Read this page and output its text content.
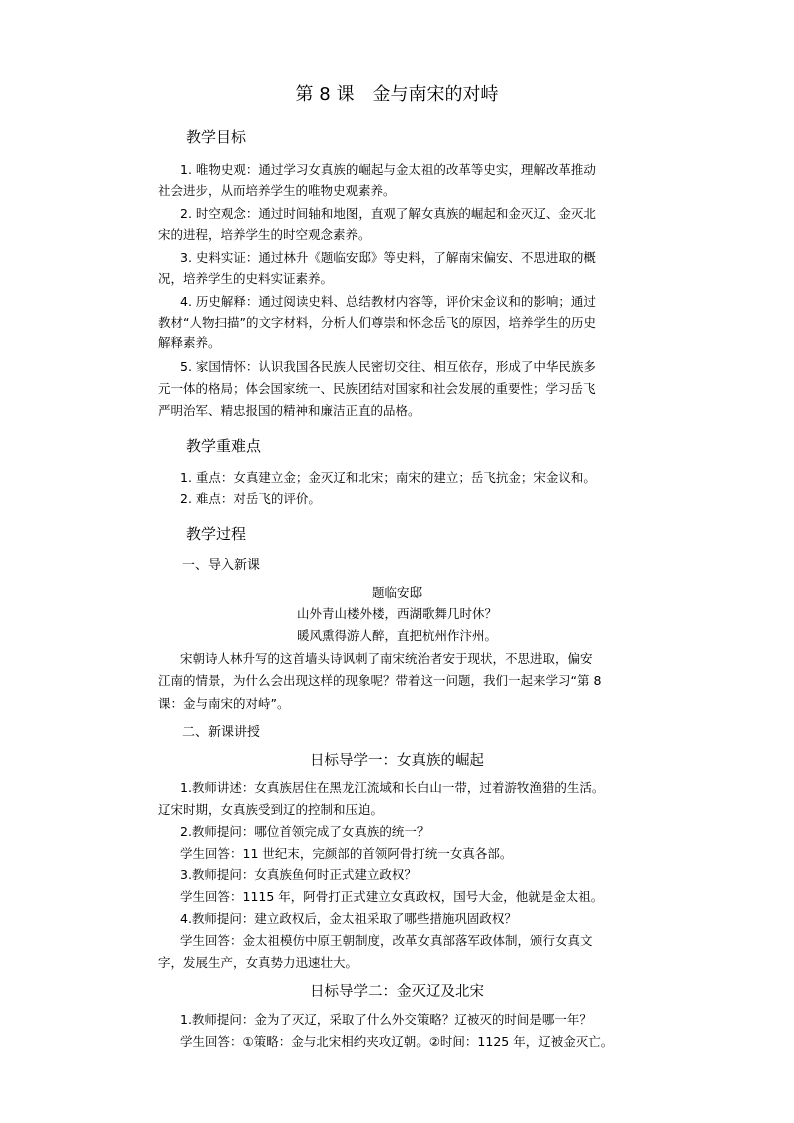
第 8 课　金与南宋的对峙
教学目标
1. 唯物史观：通过学习女真族的崛起与金太祖的改革等史实，理解改革推动
社会进步，从而培养学生的唯物史观素养。
2. 时空观念：通过时间轴和地图，直观了解女真族的崛起和金灭辽、金灭北
宋的进程，培养学生的时空观念素养。
3. 史料实证：通过林升《题临安邸》等史料，了解南宋偏安、不思进取的概
况，培养学生的史料实证素养。
4. 历史解释：通过阅读史料、总结教材内容等，评价宋金议和的影响；通过
教材“人物扫描”的文字材料，分析人们尊崇和怀念岳飞的原因，培养学生的历史
解释素养。
5. 家国情怀：认识我国各民族人民密切交往、相互依存，形成了中华民族多
元一体的格局；体会国家统一、民族团结对国家和社会发展的重要性；学习岳飞
严明治军、精忠报国的精神和廉洁正直的品格。
教学重难点
1. 重点：女真建立金；金灭辽和北宋；南宋的建立；岳飞抗金；宋金议和。
2. 难点：对岳飞的评价。
教学过程
一、导入新课
题临安邸
山外青山楼外楼，西湖歌舞几时休？
暖风熏得游人醉，直把杭州作汴州。
宋朝诗人林升写的这首墙头诗讽刺了南宋统治者安于现状，不思进取，偏安
江南的情景，为什么会出现这样的现象呢？带着这一问题，我们一起来学习“第 8
课：金与南宋的对峙”。
二、新课讲授
日标导学一：女真族的崛起
1.教师讲述：女真族居住在黑龙江流域和长白山一带，过着游牧渔猎的生活。
辽宋时期，女真族受到辽的控制和压迫。
2.教师提问：哪位首领完成了女真族的统一？
学生回答：11 世纪末，完颜部的首领阿骨打统一女真各部。
3.教师提问：女真族鱼何时正式建立政权？
学生回答：1115 年，阿骨打正式建立女真政权，国号大金，他就是金太祖。
4.教师提问：建立政权后，金太祖采取了哪些措施巩固政权？
学生回答：金太祖模仿中原王朝制度，改革女真部落军政体制，颁行女真文
字，发展生产，女真势力迅速壮大。
日标导学二：金灭辽及北宋
1.教师提问：金为了灭辽，采取了什么外交策略？辽被灭的时间是哪一年？
学生回答：①策略：金与北宋相约夹攻辽朝。②时间：1125 年，辽被金灭亡。
